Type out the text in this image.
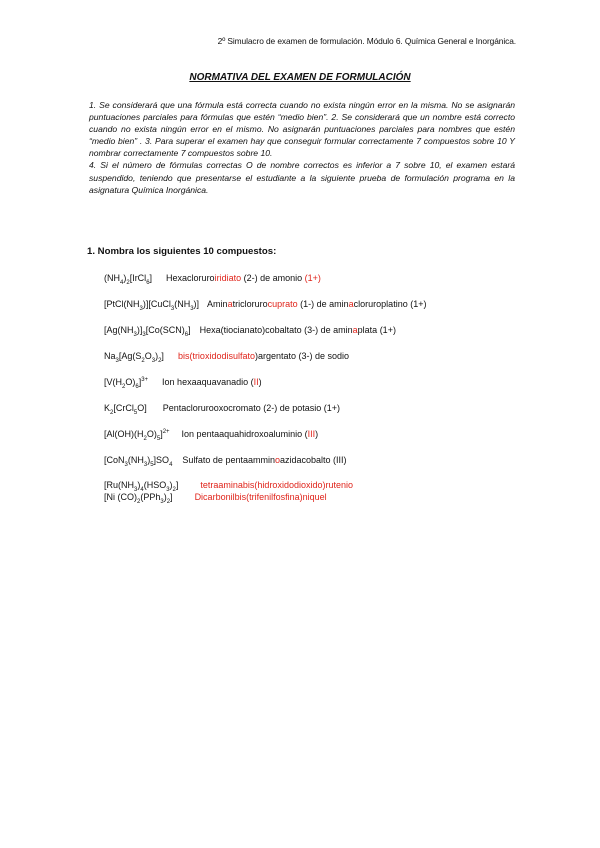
2º Simulacro de examen de formulación. Módulo 6. Química General e Inorgánica.
NORMATIVA DEL EXAMEN DE FORMULACIÓN

1. Se considerará que una fórmula está correcta cuando no exista ningún error en la misma. No se asignarán puntuaciones parciales para fórmulas que estén “medio bien”. 2. Se considerará que un nombre está correcto cuando no exista ningún error en el mismo. No asignarán puntuaciones parciales para nombres que estén “medio bien” . 3. Para superar el examen hay que conseguir formular correctamente 7 compuestos sobre 10 Y nombrar correctamente 7 compuestos sobre 10.

4. Si el número de fórmulas correctas O de nombre correctos es inferior a 7 sobre 10, el examen estará suspendido, teniendo que presentarse el estudiante a la siguiente prueba de formulación programa en la asignatura Química Inorgánica.

1. Nombra los siguientes 10 compuestos:
$(NH_4)_2[IrCl_6]$ Hexacloruroiridiato (2-) de amonio (1+)
$[PtCl(NH_3)][CuCl_3(NH_3)]$ Aminatriclorurocuprato (1-) de aminacloruroplatino (1+)
$[Ag(NH_3)]_3[Co(SCN)_6]$ Hexa(tiocianato)cobaltato (3-) de aminaplata (1+)
$Na_3[Ag(S_2O_3)_2]$ bis(trioxidodisulfato)argentato (3-) de sodio
$[V(H_2O)_6]^{3+}$ Ion hexaaquavanadio (II)
$K_2[CrCl_5O]$ Pentaclorurooxocromato (2-) de potasio (1+)
$[Al(OH)(H_2O)_5]^{2+}$ Ion pentaaquahidroxoaluminio (III)
$[CoN_3(NH_3)_5]SO_4$ Sulfato de pentaamminoazidacobalto (III)
$[Ru(NH_3)_4(HSO_3)_2]$ tetraaminabis(hidroxidodioxido)rutenio
[Ni $(CO)_2(PPh_3)_2$] Dicarbonilbis(trifenilfosfina)niquel
